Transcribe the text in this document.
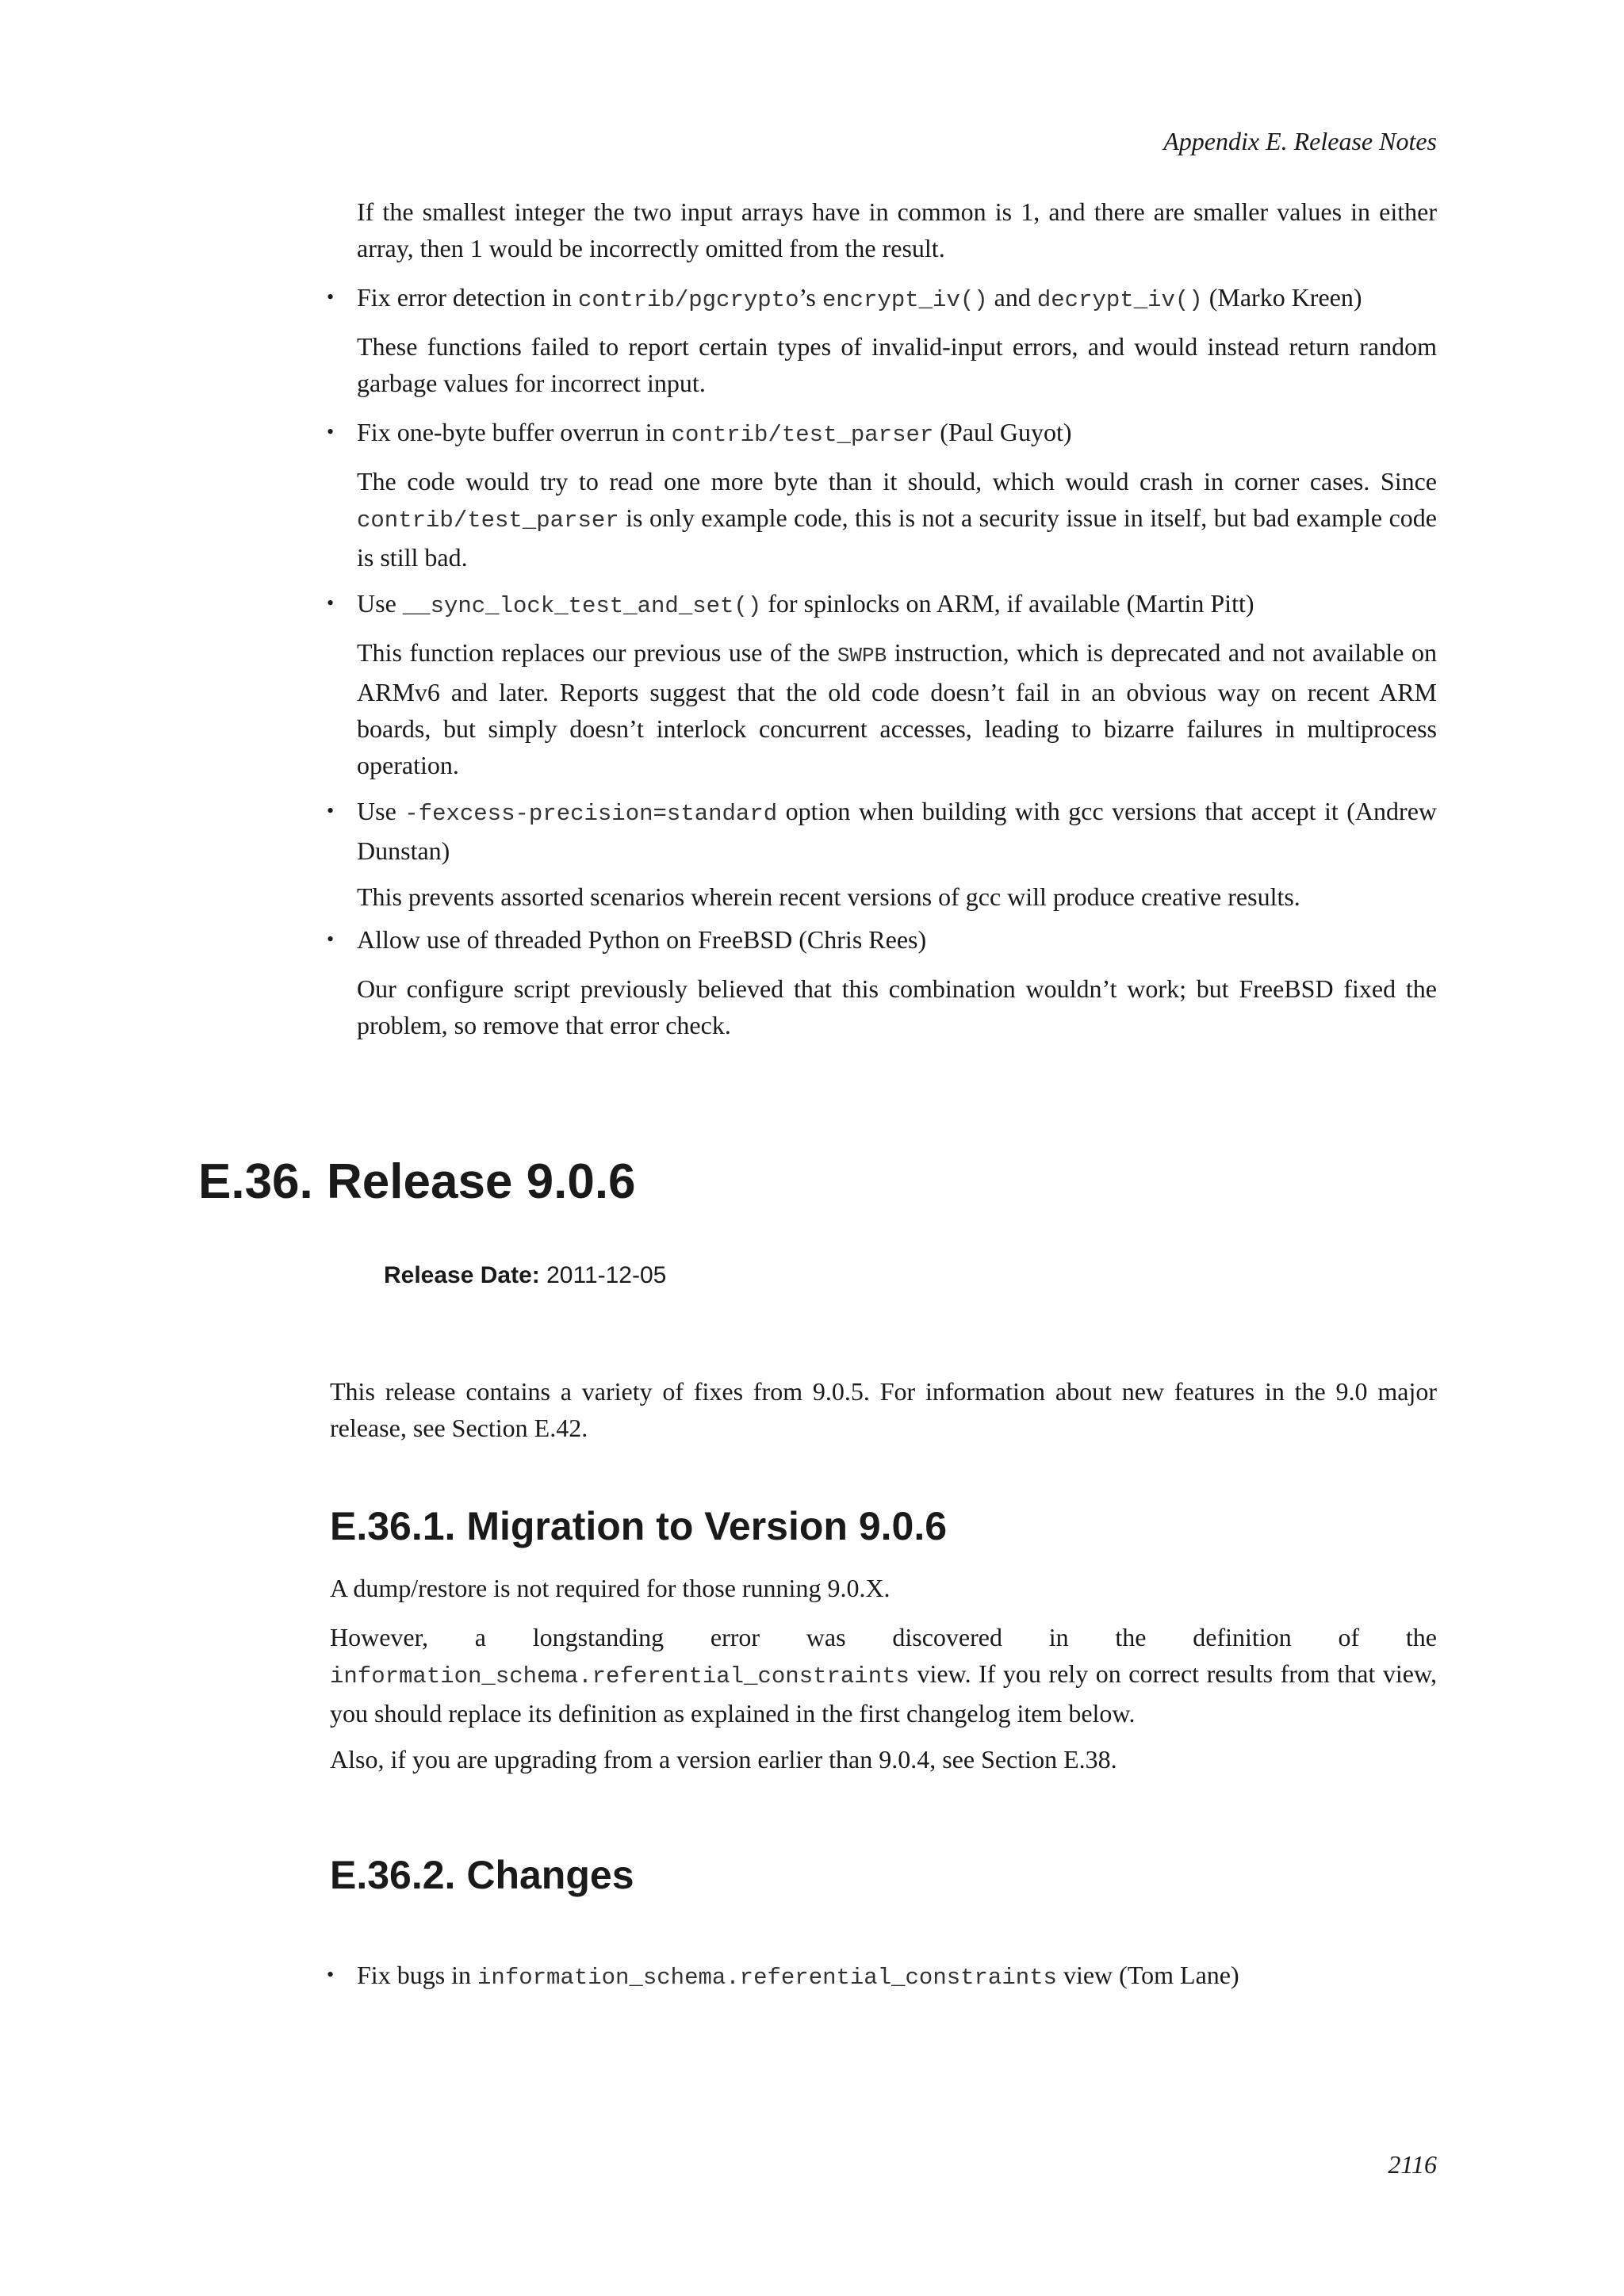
Appendix E. Release Notes

If the smallest integer the two input arrays have in common is 1, and there are smaller values in either array, then 1 would be incorrectly omitted from the result.

• Fix error detection in contrib/pgcrypto’s encrypt_iv() and decrypt_iv() (Marko Kreen)

These functions failed to report certain types of invalid-input errors, and would instead return random garbage values for incorrect input.

• Fix one-byte buffer overrun in contrib/test_parser (Paul Guyot)

The code would try to read one more byte than it should, which would crash in corner cases. Since contrib/test_parser is only example code, this is not a security issue in itself, but bad example code is still bad.

• Use __sync_lock_test_and_set() for spinlocks on ARM, if available (Martin Pitt)

This function replaces our previous use of the SWPB instruction, which is deprecated and not available on ARMv6 and later. Reports suggest that the old code doesn’t fail in an obvious way on recent ARM boards, but simply doesn’t interlock concurrent accesses, leading to bizarre failures in multiprocess operation.

• Use -fexcess-precision=standard option when building with gcc versions that accept it (Andrew Dunstan)

This prevents assorted scenarios wherein recent versions of gcc will produce creative results.

• Allow use of threaded Python on FreeBSD (Chris Rees)

Our configure script previously believed that this combination wouldn’t work; but FreeBSD fixed the problem, so remove that error check.

E.36. Release 9.0.6
Release Date: 2011-12-05

This release contains a variety of fixes from 9.0.5. For information about new features in the 9.0 major release, see Section E.42.

E.36.1. Migration to Version 9.0.6

A dump/restore is not required for those running 9.0.X.

However, a longstanding error was discovered in the definition of the

information_schema.referential_constraints view. If you rely on correct results from that view, you should replace its definition as explained in the first changelog item below.

Also, if you are upgrading from a version earlier than 9.0.4, see Section E.38.

E.36.2. Changes
• Fix bugs in information_schema.referential_constraints view (Tom Lane)

2116
